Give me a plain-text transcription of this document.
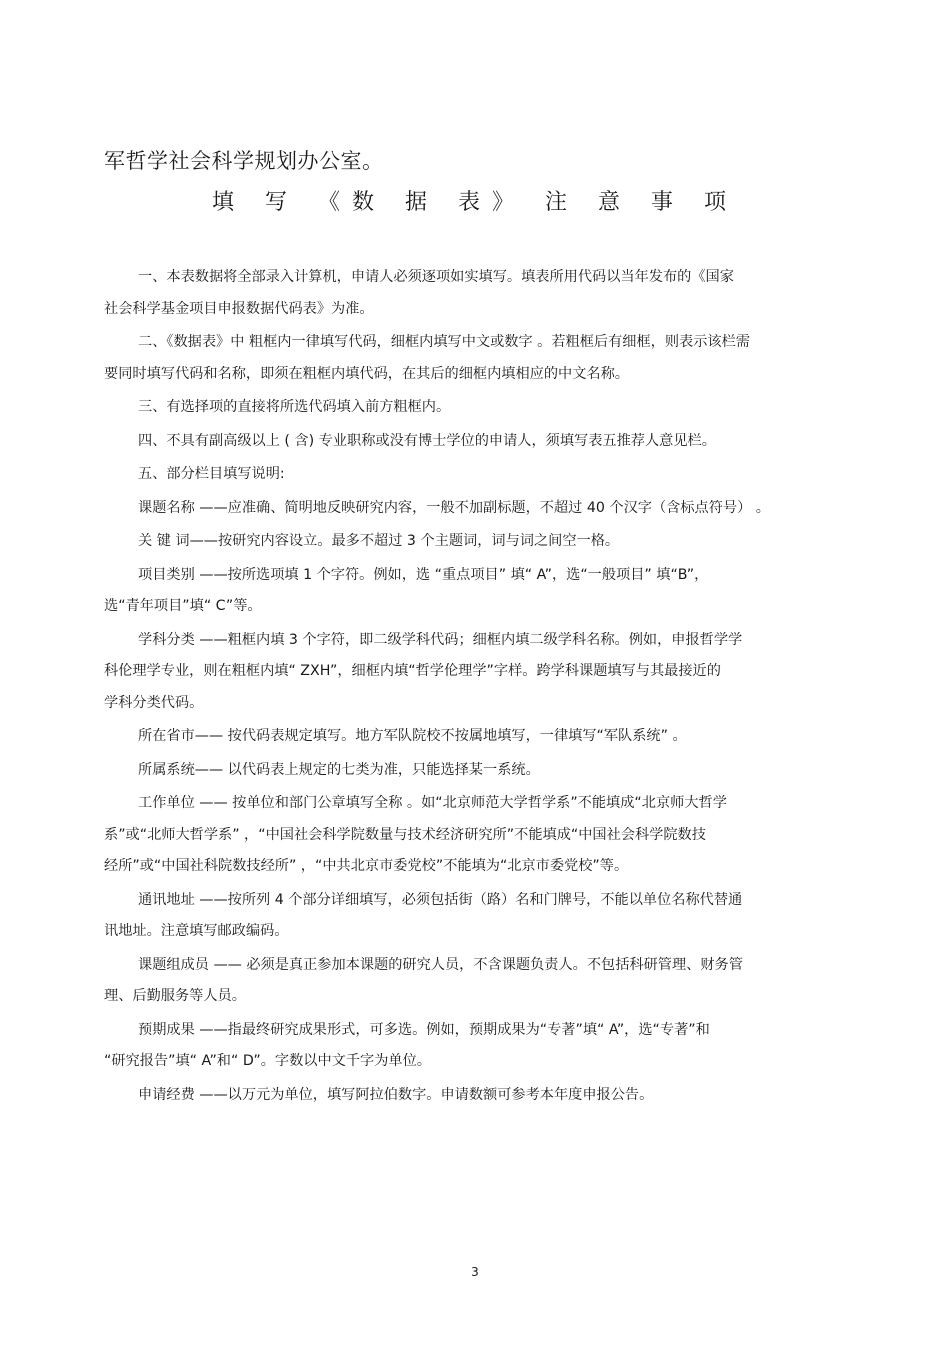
军哲学社会科学规划办公室。
填 写 《数 据 表》 注 意 事 项
一、本表数据将全部录入计算机，申请人必须逐项如实填写。填表所用代码以当年发布的《国家
社会科学基金项目申报数据代码表》为准。
二、《数据表》中 粗框内一律填写代码，细框内填写中文或数字 。若粗框后有细框，则表示该栏需
要同时填写代码和名称，即须在粗框内填代码，在其后的细框内填相应的中文名称。
三、有选择项的直接将所选代码填入前方粗框内。
四、不具有副高级以上 ( 含) 专业职称或没有博士学位的申请人，须填写表五推荐人意见栏。
五、部分栏目填写说明:
课题名称 ——应准确、简明地反映研究内容，一般不加副标题，不超过 40 个汉字（含标点符号） 。
关 键 词——按研究内容设立。最多不超过 3 个主题词，词与词之间空一格。
项目类别 ——按所选项填 1 个字符。例如，选 “重点项目” 填“ A”，选“一般项目” 填“B”，
选“青年项目”填“ C”等。
学科分类 ——粗框内填 3 个字符，即二级学科代码；细框内填二级学科名称。例如，申报哲学学
科伦理学专业，则在粗框内填“ ZXH”，细框内填“哲学伦理学”字样。跨学科课题填写与其最接近的
学科分类代码。
所在省市—— 按代码表规定填写。地方军队院校不按属地填写，一律填写“军队系统” 。
所属系统—— 以代码表上规定的七类为准，只能选择某一系统。
工作单位 —— 按单位和部门公章填写全称 。如“北京师范大学哲学系”不能填成“北京师大哲学
系”或“北师大哲学系” ，“中国社会科学院数量与技术经济研究所”不能填成“中国社会科学院数技
经所”或“中国社科院数技经所” ，“中共北京市委党校”不能填为“北京市委党校”等。
通讯地址 ——按所列 4 个部分详细填写，必须包括街（路）名和门牌号，不能以单位名称代替通
讯地址。注意填写邮政编码。
课题组成员 —— 必须是真正参加本课题的研究人员，不含课题负责人。不包括科研管理、财务管
理、后勤服务等人员。
预期成果 ——指最终研究成果形式，可多选。例如，预期成果为“专著”填“ A”，选“专著”和
“研究报告”填“ A”和“ D”。字数以中文千字为单位。
申请经费 ——以万元为单位，填写阿拉伯数字。申请数额可参考本年度申报公告。
3
